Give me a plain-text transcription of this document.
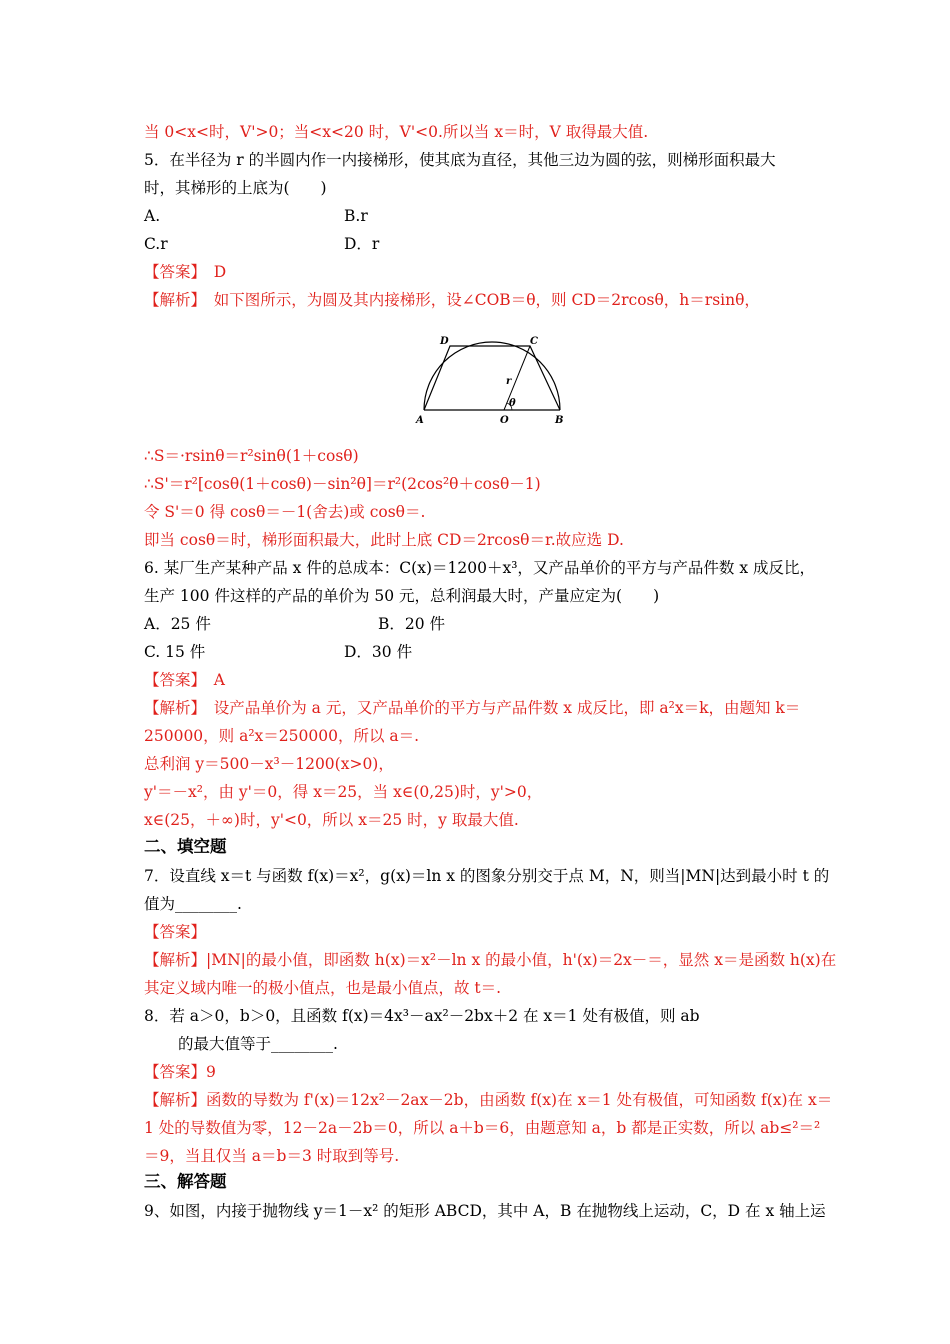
当 0<x<时，V'>0；当<x<20 时，V'<0.所以当 x＝时，V 取得最大值.
5．在半径为 r 的半圆内作一内接梯形，使其底为直径，其他三边为圆的弦，则梯形面积最大
时，其梯形的上底为(　　)
A.	B.r
C.r	D．r
【答案】　D
【解析】　如下图所示，为圆及其内接梯形，设∠COB＝θ，则 CD＝2rcosθ，h＝rsinθ，
A	B
C
D
O
r
θ
∴S＝·rsinθ＝r²sinθ(1＋cosθ)
∴S'＝r²[cosθ(1＋cosθ)－sin²θ]＝r²(2cos²θ＋cosθ－1)
令 S'＝0 得 cosθ＝－1(舍去)或 cosθ＝.
即当 cosθ＝时，梯形面积最大，此时上底 CD＝2rcosθ＝r.故应选 D.
6. 某厂生产某种产品 x 件的总成本：C(x)＝1200＋x³，又产品单价的平方与产品件数 x 成反比，
生产 100 件这样的产品的单价为 50 元，总利润最大时，产量应定为(　　)
A．25 件	B．20 件
C. 15 件	D．30 件
【答案】　A
【解析】　设产品单价为 a 元，又产品单价的平方与产品件数 x 成反比，即 a²x＝k，由题知 k＝
250000，则 a²x＝250000，所以 a＝.
总利润 y＝500－x³－1200(x>0)，
y'＝－x²，由 y'＝0，得 x＝25，当 x∈(0,25)时，y'>0，
x∈(25，＋∞)时，y'<0，所以 x＝25 时，y 取最大值.
二、填空题
7．设直线 x＝t 与函数 f(x)＝x²，g(x)＝ln x 的图象分别交于点 M，N，则当|MN|达到最小时 t 的
值为________.
【答案】
【解析】|MN|的最小值，即函数 h(x)＝x²－ln x 的最小值，h'(x)＝2x－＝，显然 x＝是函数 h(x)在
其定义域内唯一的极小值点，也是最小值点，故 t＝.
8．若 a＞0，b＞0，且函数 f(x)＝4x³－ax²－2bx＋2 在 x＝1 处有极值，则 ab
的最大值等于________.
【答案】9
【解析】函数的导数为 f'(x)＝12x²－2ax－2b，由函数 f(x)在 x＝1 处有极值，可知函数 f(x)在 x＝
1 处的导数值为零，12－2a－2b＝0，所以 a＋b＝6，由题意知 a，b 都是正实数，所以 ab≤²＝²
＝9，当且仅当 a＝b＝3 时取到等号.
三、解答题
9、如图，内接于抛物线 y＝1－x² 的矩形 ABCD，其中 A，B 在抛物线上运动，C，D 在 x 轴上运
